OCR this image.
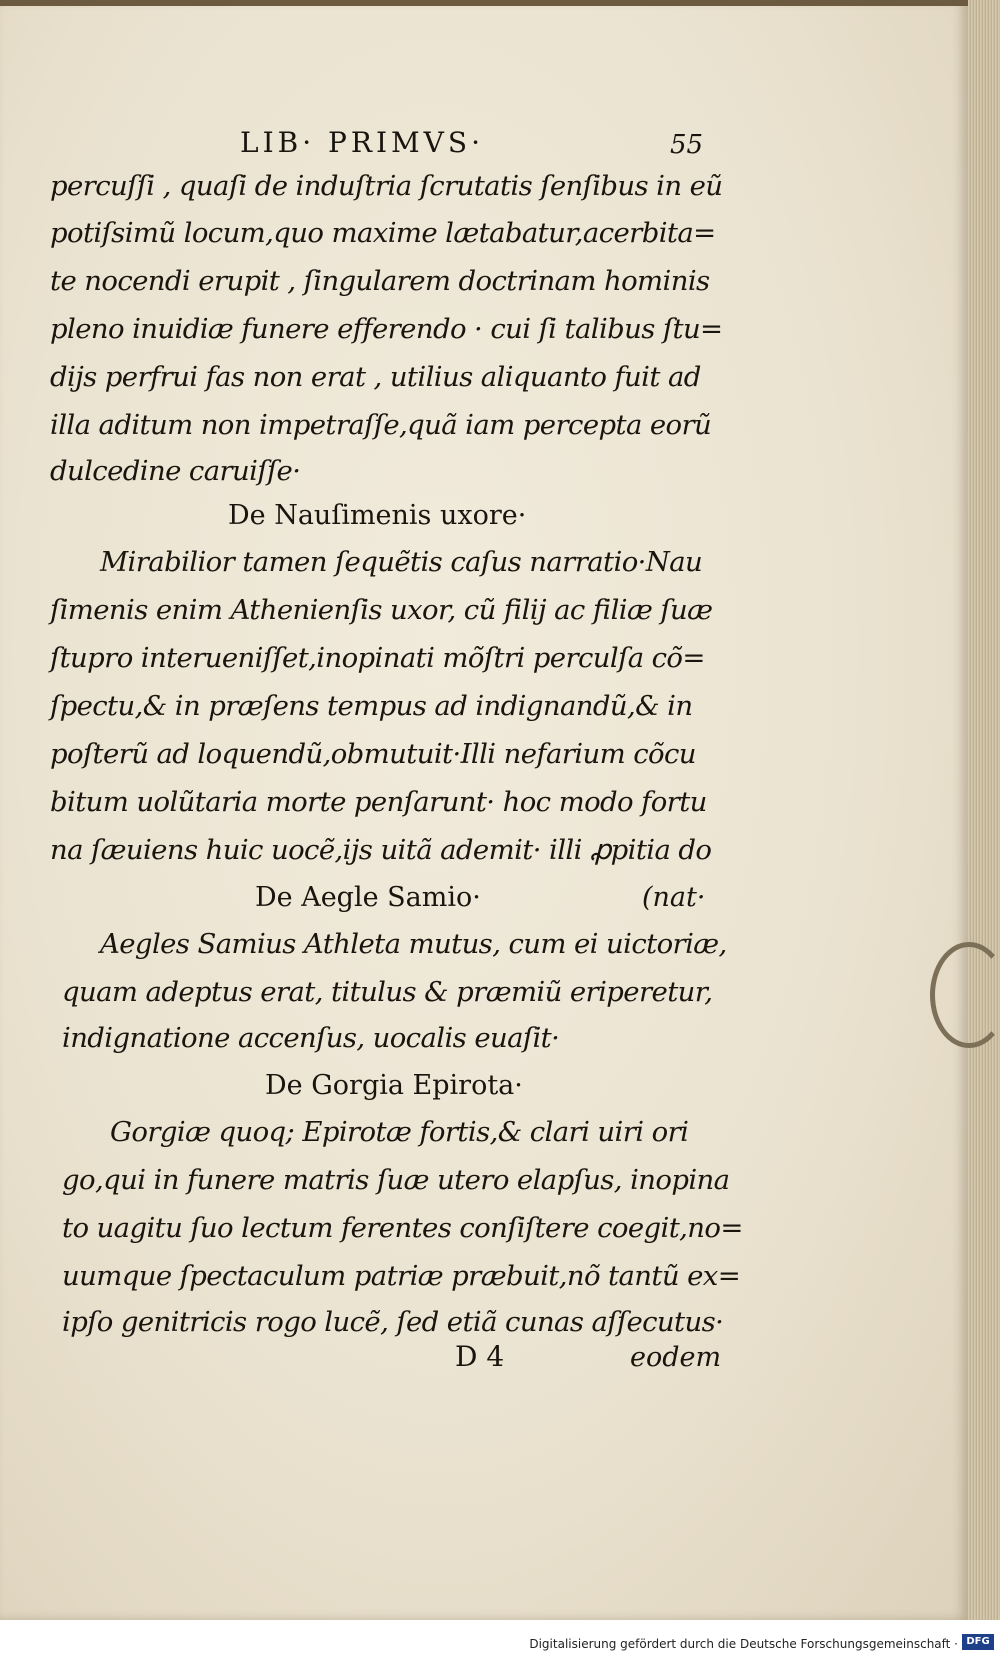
LIB· PRIMVS·	55
percuſſi , quaſi de induſtria ſcrutatis ſenſibus in eũ
potiſsimũ locum,quo maxime lætabatur,acerbita=
te nocendi erupit , ſingularem doctrinam hominis
pleno inuidiæ funere efferendo · cui ſi talibus ſtu=
dijs perfrui fas non erat , utilius aliquanto fuit ad
illa aditum non impetraſſe,quã iam percepta eorũ
dulcedine caruiſſe·
De Nauſimenis uxore·
Mirabilior tamen ſequẽtis caſus narratio·Nau
ſimenis enim Athenienſis uxor, cũ filij ac filiæ ſuæ
ſtupro interueniſſet,inopinati mõſtri perculſa cõ=
ſpectu,& in præſens tempus ad indignandũ,& in
poſterũ ad loquendũ,obmutuit·Illi nefarium cõcu
bitum uolũtaria morte penſarunt· hoc modo fortu
na ſæuiens huic uocẽ,ijs uitã ademit· illi ꝓpitia do
De Aegle Samio·	(nat·
Aegles Samius Athleta mutus, cum ei uictoriæ,
quam adeptus erat, titulus & præmiũ eriperetur,
indignatione accenſus, uocalis euaſit·
De Gorgia Epirota·
Gorgiæ quoq; Epirotæ fortis,& clari uiri ori
go,qui in funere matris ſuæ utero elapſus, inopina
to uagitu ſuo lectum ferentes conſiſtere coegit,no=
uumque ſpectaculum patriæ præbuit,nõ tantũ ex=
ipſo genitricis rogo lucẽ, ſed etiã cunas aſſecutus·
D 4	eodem
Digitalisierung gefördert durch die Deutsche Forschungsgemeinschaft · DFG
